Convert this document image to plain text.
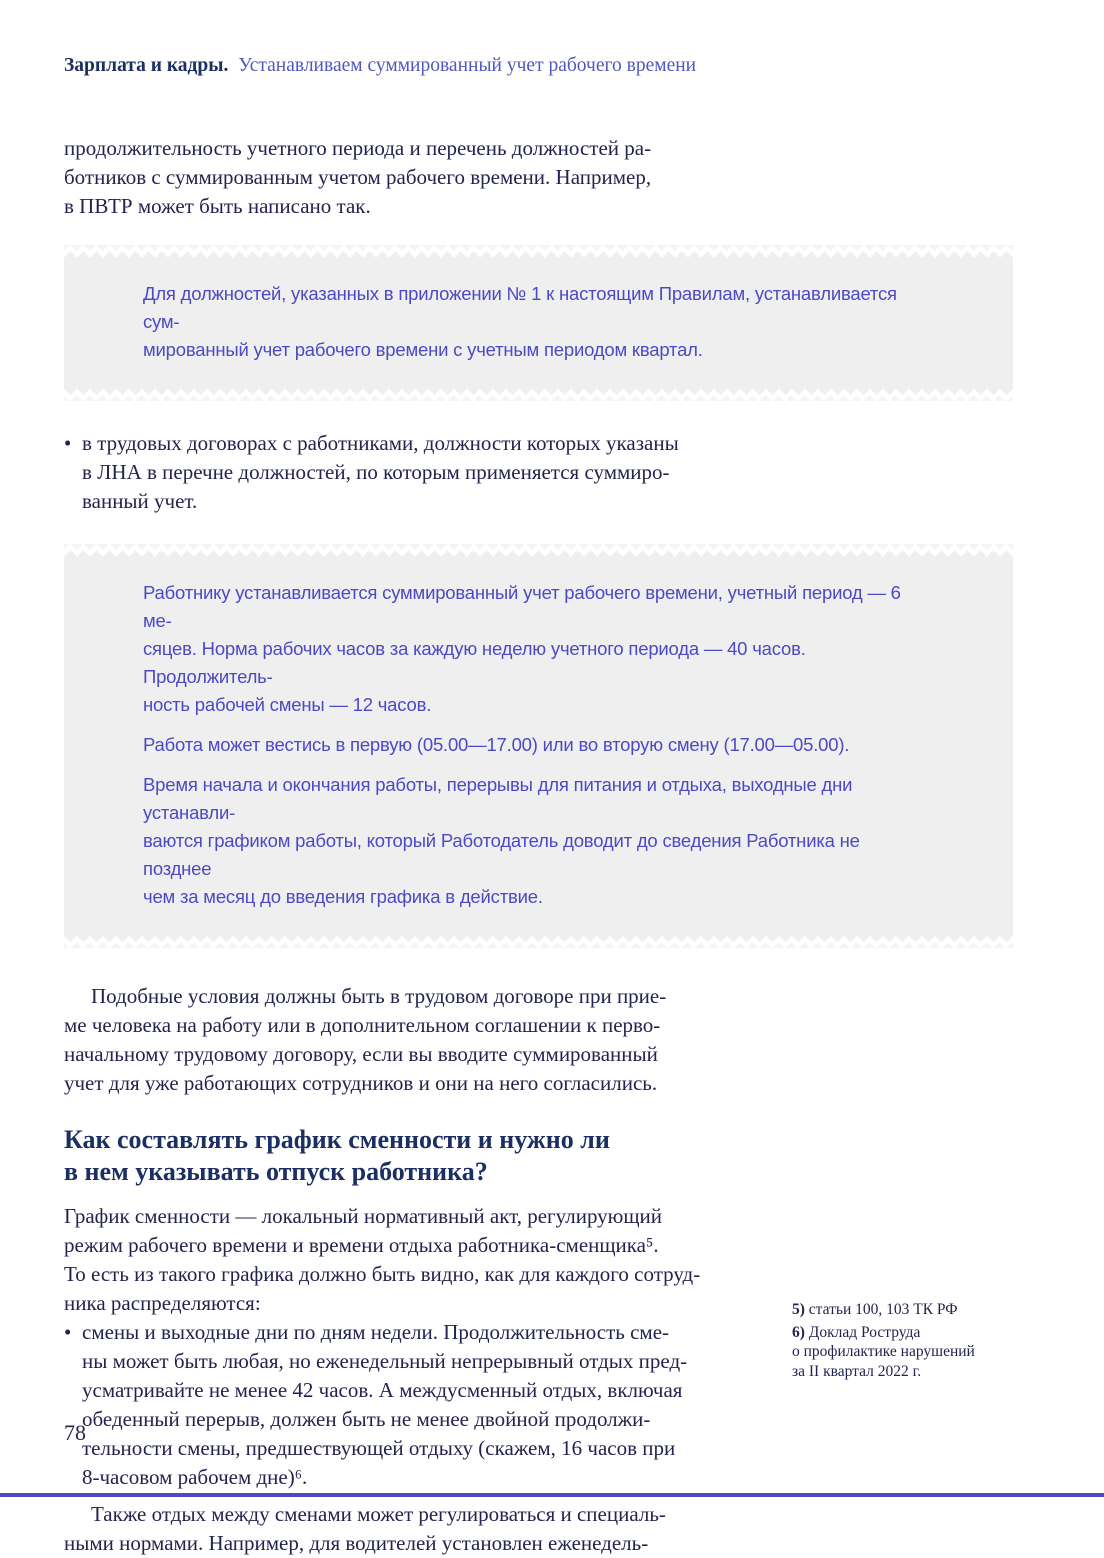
Зарплата и кадры. Устанавливаем суммированный учет рабочего времени

продолжительность учетного периода и перечень должностей ра-
ботников с суммированным учетом рабочего времени. Например,
в ПВТР может быть написано так.

Для должностей, указанных в приложении № 1 к настоящим Правилам, устанавливается сум-
мированный учет рабочего времени с учетным периодом квартал.

• в трудовых договорах с работниками, должности которых указаны
в ЛНА в перечне должностей, по которым применяется суммиро-
ванный учет.

Работнику устанавливается суммированный учет рабочего времени, учетный период — 6 ме-
сяцев. Норма рабочих часов за каждую неделю учетного периода — 40 часов. Продолжитель-
ность рабочей смены — 12 часов.

Работа может вестись в первую (05.00—17.00) или во вторую смену (17.00—05.00).

Время начала и окончания работы, перерывы для питания и отдыха, выходные дни устанавли-
ваются графиком работы, который Работодатель доводит до сведения Работника не позднее
чем за месяц до введения графика в действие.

Подобные условия должны быть в трудовом договоре при прие-
ме человека на работу или в дополнительном соглашении к перво-
начальному трудовому договору, если вы вводите суммированный
учет для уже работающих сотрудников и они на него согласились.

Как составлять график сменности и нужно ли
в нем указывать отпуск работника?

График сменности — локальный нормативный акт, регулирующий
режим рабочего времени и времени отдыха работника-сменщика⁵.
То есть из такого графика должно быть видно, как для каждого сотруд-
ника распределяются:

• смены и выходные дни по дням недели. Продолжительность сме-
ны может быть любая, но еженедельный непрерывный отдых пред-
усматривайте не менее 42 часов. А междусменный отдых, включая
обеденный перерыв, должен быть не менее двойной продолжи-
тельности смены, предшествующей отдыху (скажем, 16 часов при
8-часовом рабочем дне)⁶.

Также отдых между сменами может регулироваться и специаль-
ными нормами. Например, для водителей установлен еженедель-

5) статьи 100, 103 ТК РФ

6) Доклад Роструда
о профилактике нарушений
за II квартал 2022 г.

78
